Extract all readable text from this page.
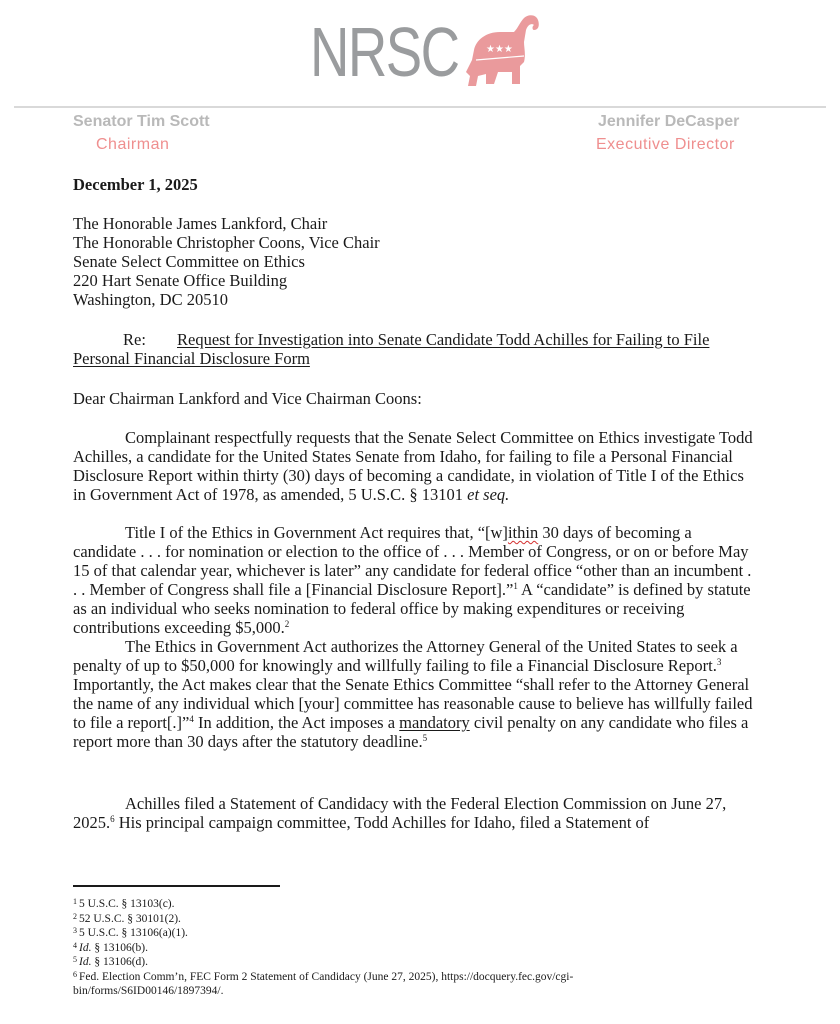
NRSC	★★★
Senator Tim Scott
Chairman
Jennifer DeCasper
Executive Director
December 1, 2025
The Honorable James Lankford, Chair
The Honorable Christopher Coons, Vice Chair
Senate Select Committee on Ethics
220 Hart Senate Office Building
Washington, DC 20510
Re: Request for Investigation into Senate Candidate Todd Achilles for Failing to File Personal Financial Disclosure Form
Dear Chairman Lankford and Vice Chairman Coons:
Complainant respectfully requests that the Senate Select Committee on Ethics investigate Todd Achilles, a candidate for the United States Senate from Idaho, for failing to file a Personal Financial Disclosure Report within thirty (30) days of becoming a candidate, in violation of Title I of the Ethics in Government Act of 1978, as amended, 5 U.S.C. § 13101 et seq.
Title I of the Ethics in Government Act requires that, “[w]ithin 30 days of becoming a candidate . . . for nomination or election to the office of . . . Member of Congress, or on or before May 15 of that calendar year, whichever is later” any candidate for federal office “other than an incumbent . . . Member of Congress shall file a [Financial Disclosure Report].”$^1$ A “candidate” is defined by statute as an individual who seeks nomination to federal office by making expenditures or receiving contributions exceeding $5,000.$^2$
The Ethics in Government Act authorizes the Attorney General of the United States to seek a penalty of up to $50,000 for knowingly and willfully failing to file a Financial Disclosure Report.$^3$ Importantly, the Act makes clear that the Senate Ethics Committee “shall refer to the Attorney General the name of any individual which [your] committee has reasonable cause to believe has willfully failed to file a report[.]”$^4$ In addition, the Act imposes a mandatory civil penalty on any candidate who files a report more than 30 days after the statutory deadline.$^5$
Achilles filed a Statement of Candidacy with the Federal Election Commission on June 27, 2025.$^6$ His principal campaign committee, Todd Achilles for Idaho, filed a Statement of
$^1$ 5 U.S.C. § 13103(c).
$^2$ 52 U.S.C. § 30101(2).
$^3$ 5 U.S.C. § 13106(a)(1).
$^4$ Id. § 13106(b).
$^5$ Id. § 13106(d).
$^6$ Fed. Election Comm’n, FEC Form 2 Statement of Candidacy (June 27, 2025), https://docquery.fec.gov/cgi-bin/forms/S6ID00146/1897394/.
